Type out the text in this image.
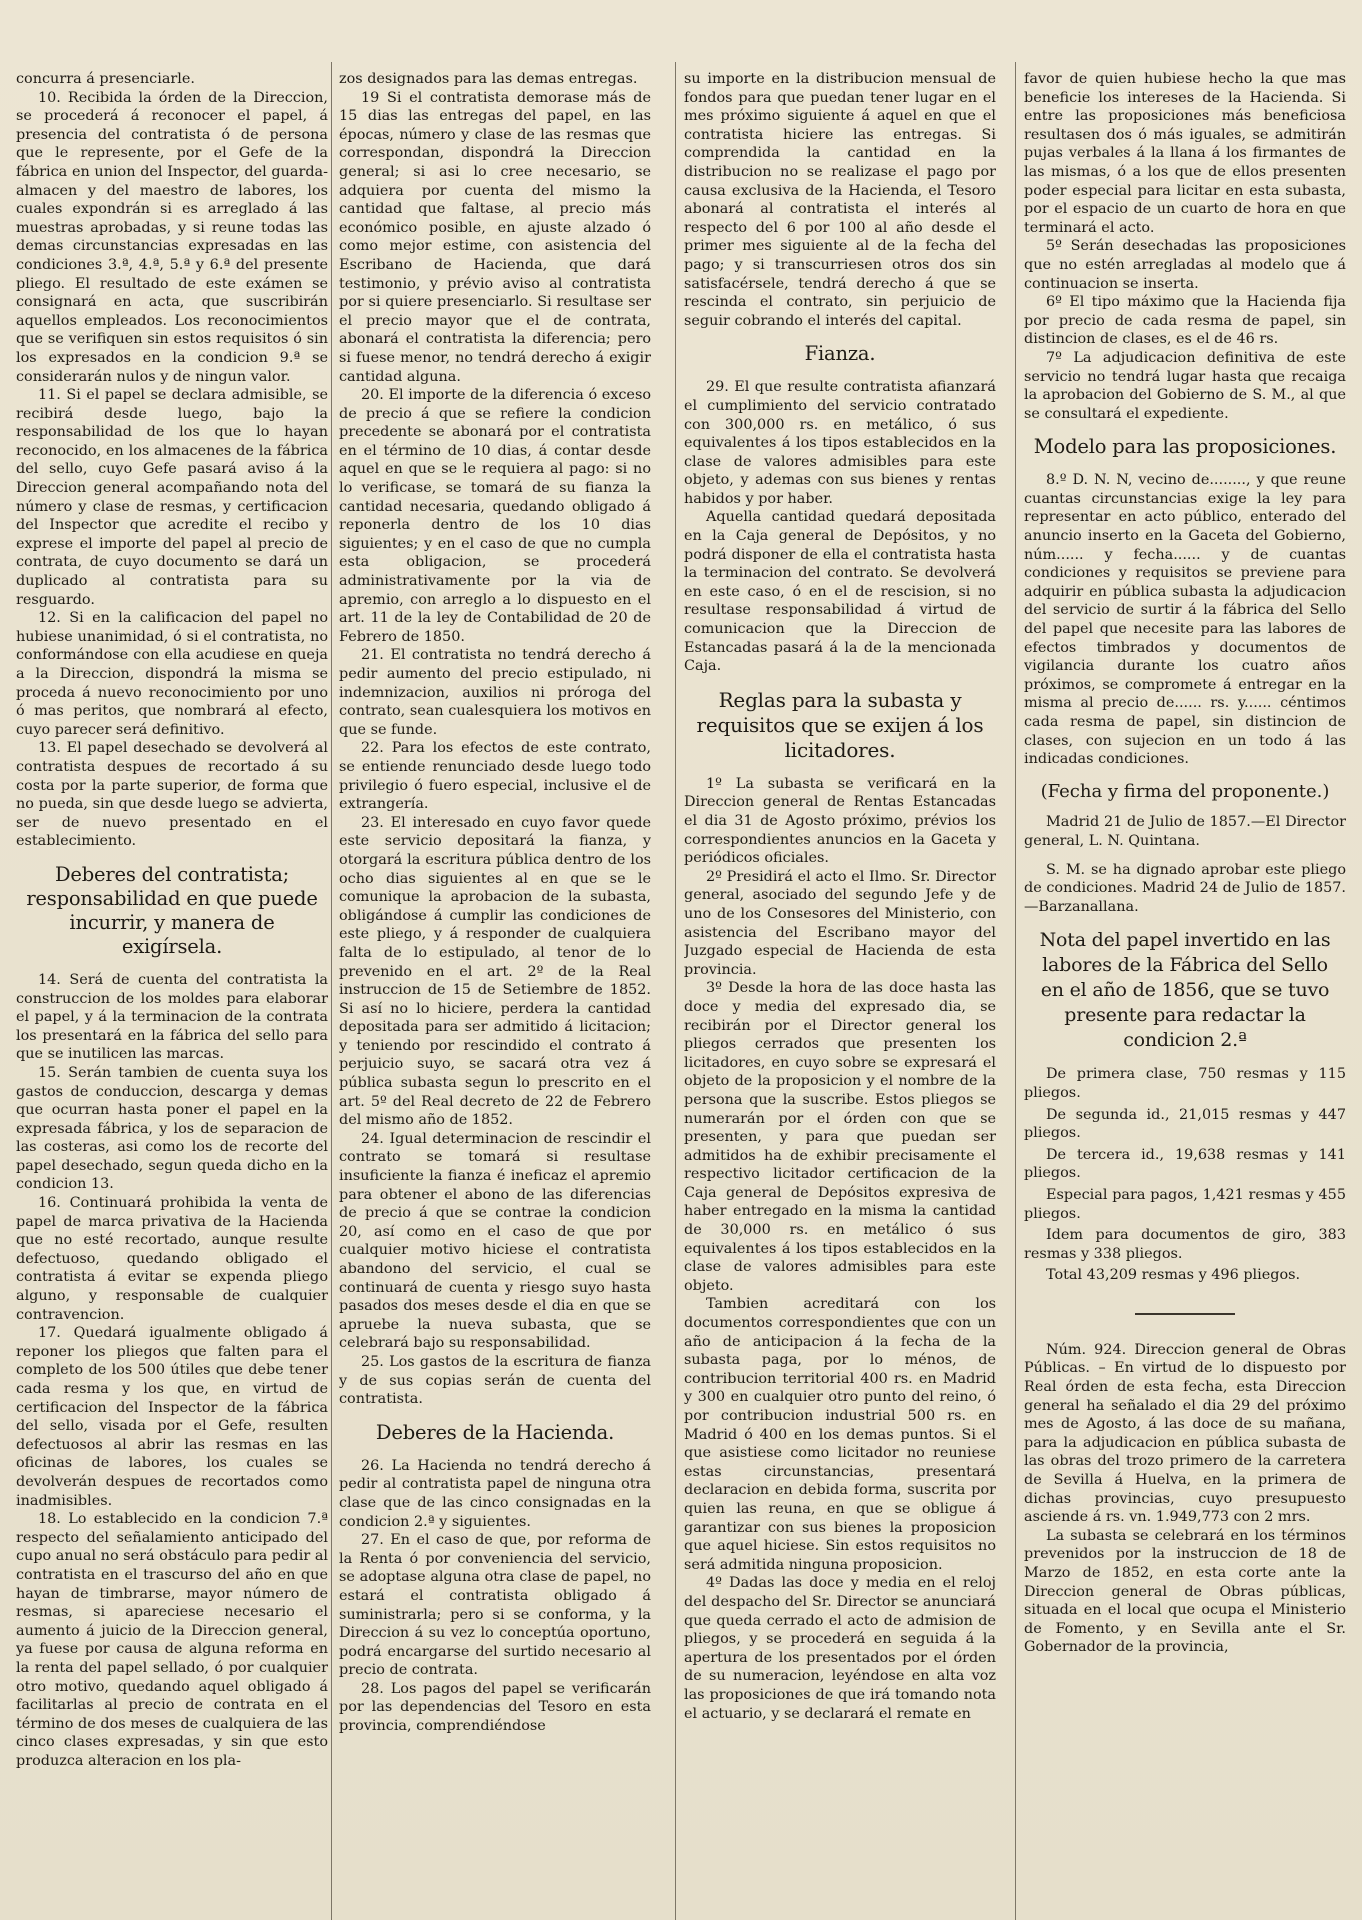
concurra á presenciarle.

10. Recibida la órden de la Direccion, se procederá á reconocer el papel, á presencia del contratista ó de persona que le represente, por el Gefe de la fábrica en union del Inspector, del guarda-almacen y del maestro de labores, los cuales expondrán si es arreglado á las muestras aprobadas, y si reune todas las demas circunstancias expresadas en las condiciones 3.ª, 4.ª, 5.ª y 6.ª del presente pliego. El resultado de este exámen se consignará en acta, que suscribirán aquellos empleados. Los reconocimientos que se verifiquen sin estos requisitos ó sin los expresados en la condicion 9.ª se considerarán nulos y de ningun valor.

11. Si el papel se declara admisible, se recibirá desde luego, bajo la responsabilidad de los que lo hayan reconocido, en los almacenes de la fábrica del sello, cuyo Gefe pasará aviso á la Direccion general acompañando nota del número y clase de resmas, y certificacion del Inspector que acredite el recibo y exprese el importe del papel al precio de contrata, de cuyo documento se dará un duplicado al contratista para su resguardo.

12. Si en la calificacion del papel no hubiese unanimidad, ó si el contratista, no conformándose con ella acudiese en queja a la Direccion, dispondrá la misma se proceda á nuevo reconocimiento por uno ó mas peritos, que nombrará al efecto, cuyo parecer será definitivo.

13. El papel desechado se devolverá al contratista despues de recortado á su costa por la parte superior, de forma que no pueda, sin que desde luego se advierta, ser de nuevo presentado en el establecimiento.

Deberes del contratista; responsabilidad en que puede incurrir, y manera de exigírsela.

14. Será de cuenta del contratista la construccion de los moldes para elaborar el papel, y á la terminacion de la contrata los presentará en la fábrica del sello para que se inutilicen las marcas.

15. Serán tambien de cuenta suya los gastos de conduccion, descarga y demas que ocurran hasta poner el papel en la expresada fábrica, y los de separacion de las costeras, asi como los de recorte del papel desechado, segun queda dicho en la condicion 13.

16. Continuará prohibida la venta de papel de marca privativa de la Hacienda que no esté recortado, aunque resulte defectuoso, quedando obligado el contratista á evitar se expenda pliego alguno, y responsable de cualquier contravencion.

17. Quedará igualmente obligado á reponer los pliegos que falten para el completo de los 500 útiles que debe tener cada resma y los que, en virtud de certificacion del Inspector de la fábrica del sello, visada por el Gefe, resulten defectuosos al abrir las resmas en las oficinas de labores, los cuales se devolverán despues de recortados como inadmisibles.

18. Lo establecido en la condicion 7.ª respecto del señalamiento anticipado del cupo anual no será obstáculo para pedir al contratista en el trascurso del año en que hayan de timbrarse, mayor número de resmas, si apareciese necesario el aumento á juicio de la Direccion general, ya fuese por causa de alguna reforma en la renta del papel sellado, ó por cualquier otro motivo, quedando aquel obligado á facilitarlas al precio de contrata en el término de dos meses de cualquiera de las cinco clases expresadas, y sin que esto produzca alteracion en los pla-

zos designados para las demas entregas.

19 Si el contratista demorase más de 15 dias las entregas del papel, en las épocas, número y clase de las resmas que correspondan, dispondrá la Direccion general; si asi lo cree necesario, se adquiera por cuenta del mismo la cantidad que faltase, al precio más económico posible, en ajuste alzado ó como mejor estime, con asistencia del Escribano de Hacienda, que dará testimonio, y prévio aviso al contratista por si quiere presenciarlo. Si resultase ser el precio mayor que el de contrata, abonará el contratista la diferencia; pero si fuese menor, no tendrá derecho á exigir cantidad alguna.

20. El importe de la diferencia ó exceso de precio á que se refiere la condicion precedente se abonará por el contratista en el término de 10 dias, á contar desde aquel en que se le requiera al pago: si no lo verificase, se tomará de su fianza la cantidad necesaria, quedando obligado á reponerla dentro de los 10 dias siguientes; y en el caso de que no cumpla esta obligacion, se procederá administrativamente por la via de apremio, con arreglo a lo dispuesto en el art. 11 de la ley de Contabilidad de 20 de Febrero de 1850.

21. El contratista no tendrá derecho á pedir aumento del precio estipulado, ni indemnizacion, auxilios ni próroga del contrato, sean cualesquiera los motivos en que se funde.

22. Para los efectos de este contrato, se entiende renunciado desde luego todo privilegio ó fuero especial, inclusive el de extrangería.

23. El interesado en cuyo favor quede este servicio depositará la fianza, y otorgará la escritura pública dentro de los ocho dias siguientes al en que se le comunique la aprobacion de la subasta, obligándose á cumplir las condiciones de este pliego, y á responder de cualquiera falta de lo estipulado, al tenor de lo prevenido en el art. 2º de la Real instruccion de 15 de Setiembre de 1852. Si así no lo hiciere, perdera la cantidad depositada para ser admitido á licitacion; y teniendo por rescindido el contrato á perjuicio suyo, se sacará otra vez á pública subasta segun lo prescrito en el art. 5º del Real decreto de 22 de Febrero del mismo año de 1852.

24. Igual determinacion de rescindir el contrato se tomará si resultase insuficiente la fianza é ineficaz el apremio para obtener el abono de las diferencias de precio á que se contrae la condicion 20, así como en el caso de que por cualquier motivo hiciese el contratista abandono del servicio, el cual se continuará de cuenta y riesgo suyo hasta pasados dos meses desde el dia en que se apruebe la nueva subasta, que se celebrará bajo su responsabilidad.

25. Los gastos de la escritura de fianza y de sus copias serán de cuenta del contratista.

Deberes de la Hacienda.

26. La Hacienda no tendrá derecho á pedir al contratista papel de ninguna otra clase que de las cinco consignadas en la condicion 2.ª y siguientes.

27. En el caso de que, por reforma de la Renta ó por conveniencia del servicio, se adoptase alguna otra clase de papel, no estará el contratista obligado á suministrarla; pero si se conforma, y la Direccion á su vez lo conceptúa oportuno, podrá encargarse del surtido necesario al precio de contrata.

28. Los pagos del papel se verificarán por las dependencias del Tesoro en esta provincia, comprendiéndose

su importe en la distribucion mensual de fondos para que puedan tener lugar en el mes próximo siguiente á aquel en que el contratista hiciere las entregas. Si comprendida la cantidad en la distribucion no se realizase el pago por causa exclusiva de la Hacienda, el Tesoro abonará al contratista el interés al respecto del 6 por 100 al año desde el primer mes siguiente al de la fecha del pago; y si transcurriesen otros dos sin satisfacérsele, tendrá derecho á que se rescinda el contrato, sin perjuicio de seguir cobrando el interés del capital.

Fianza.

29. El que resulte contratista afianzará el cumplimiento del servicio contratado con 300,000 rs. en metálico, ó sus equivalentes á los tipos establecidos en la clase de valores admisibles para este objeto, y ademas con sus bienes y rentas habidos y por haber.

Aquella cantidad quedará depositada en la Caja general de Depósitos, y no podrá disponer de ella el contratista hasta la terminacion del contrato. Se devolverá en este caso, ó en el de rescision, si no resultase responsabilidad á virtud de comunicacion que la Direccion de Estancadas pasará á la de la mencionada Caja.

Reglas para la subasta y requisitos que se exijen á los licitadores.

1º La subasta se verificará en la Direccion general de Rentas Estancadas el dia 31 de Agosto próximo, prévios los correspondientes anuncios en la Gaceta y periódicos oficiales.

2º Presidirá el acto el Ilmo. Sr. Director general, asociado del segundo Jefe y de uno de los Consesores del Ministerio, con asistencia del Escribano mayor del Juzgado especial de Hacienda de esta provincia.

3º Desde la hora de las doce hasta las doce y media del expresado dia, se recibirán por el Director general los pliegos cerrados que presenten los licitadores, en cuyo sobre se expresará el objeto de la proposicion y el nombre de la persona que la suscribe. Estos pliegos se numerarán por el órden con que se presenten, y para que puedan ser admitidos ha de exhibir precisamente el respectivo licitador certificacion de la Caja general de Depósitos expresiva de haber entregado en la misma la cantidad de 30,000 rs. en metálico ó sus equivalentes á los tipos establecidos en la clase de valores admisibles para este objeto.

Tambien acreditará con los documentos correspondientes que con un año de anticipacion á la fecha de la subasta paga, por lo ménos, de contribucion territorial 400 rs. en Madrid y 300 en cualquier otro punto del reino, ó por contribucion industrial 500 rs. en Madrid ó 400 en los demas puntos. Si el que asistiese como licitador no reuniese estas circunstancias, presentará declaracion en debida forma, suscrita por quien las reuna, en que se obligue á garantizar con sus bienes la proposicion que aquel hiciese. Sin estos requisitos no será admitida ninguna proposicion.

4º Dadas las doce y media en el reloj del despacho del Sr. Director se anunciará que queda cerrado el acto de admision de pliegos, y se procederá en seguida á la apertura de los presentados por el órden de su numeracion, leyéndose en alta voz las proposiciones de que irá tomando nota el actuario, y se declarará el remate en

favor de quien hubiese hecho la que mas beneficie los intereses de la Hacienda. Si entre las proposiciones más beneficiosa resultasen dos ó más iguales, se admitirán pujas verbales á la llana á los firmantes de las mismas, ó a los que de ellos presenten poder especial para licitar en esta subasta, por el espacio de un cuarto de hora en que terminará el acto.

5º Serán desechadas las proposiciones que no estén arregladas al modelo que á continuacion se inserta.

6º El tipo máximo que la Hacienda fija por precio de cada resma de papel, sin distincion de clases, es el de 46 rs.

7º La adjudicacion definitiva de este servicio no tendrá lugar hasta que recaiga la aprobacion del Gobierno de S. M., al que se consultará el expediente.

Modelo para las proposiciones.

8.º D. N. N, vecino de........, y que reune cuantas circunstancias exige la ley para representar en acto público, enterado del anuncio inserto en la Gaceta del Gobierno, núm...... y fecha...... y de cuantas condiciones y requisitos se previene para adquirir en pública subasta la adjudicacion del servicio de surtir á la fábrica del Sello del papel que necesite para las labores de efectos timbrados y documentos de vigilancia durante los cuatro años próximos, se compromete á entregar en la misma al precio de...... rs. y...... céntimos cada resma de papel, sin distincion de clases, con sujecion en un todo á las indicadas condiciones.

(Fecha y firma del proponente.)

Madrid 21 de Julio de 1857.—El Director general, L. N. Quintana.

S. M. se ha dignado aprobar este pliego de condiciones. Madrid 24 de Julio de 1857.—Barzanallana.

Nota del papel invertido en las labores de la Fábrica del Sello en el año de 1856, que se tuvo presente para redactar la condicion 2.ª

De primera clase, 750 resmas y 115 pliegos.

De segunda id., 21,015 resmas y 447 pliegos.

De tercera id., 19,638 resmas y 141 pliegos.

Especial para pagos, 1,421 resmas y 455 pliegos.

Idem para documentos de giro, 383 resmas y 338 pliegos.

Total 43,209 resmas y 496 pliegos.

Núm. 924. Direccion general de Obras Públicas. – En virtud de lo dispuesto por Real órden de esta fecha, esta Direccion general ha señalado el dia 29 del próximo mes de Agosto, á las doce de su mañana, para la adjudicacion en pública subasta de las obras del trozo primero de la carretera de Sevilla á Huelva, en la primera de dichas provincias, cuyo presupuesto asciende á rs. vn. 1.949,773 con 2 mrs.

La subasta se celebrará en los términos prevenidos por la instruccion de 18 de Marzo de 1852, en esta corte ante la Direccion general de Obras públicas, situada en el local que ocupa el Ministerio de Fomento, y en Sevilla ante el Sr. Gobernador de la provincia,
